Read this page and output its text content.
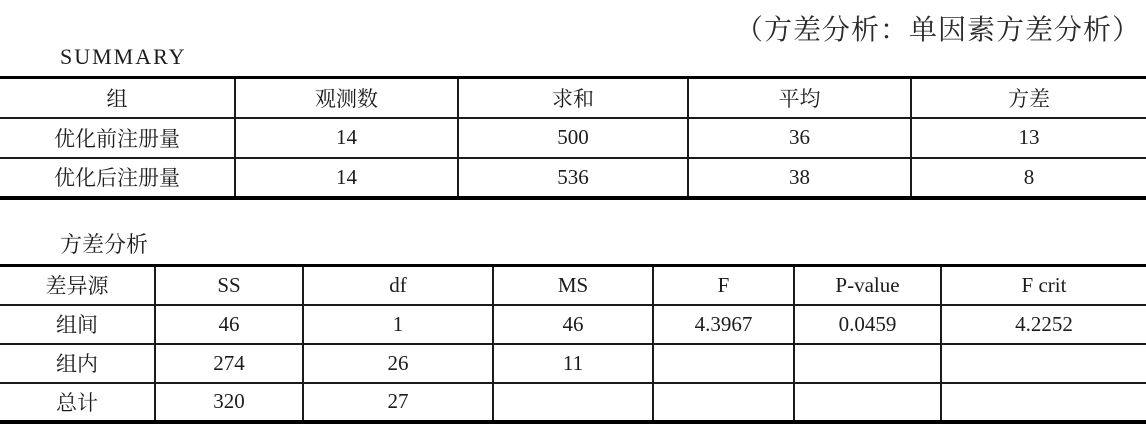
（方差分析：单因素方差分析）
SUMMARY
组	观测数	求和	平均	方差
优化前注册量	14	500	36	13
优化后注册量	14	536	38	8
方差分析
差异源	SS	df	MS	F	P-value	F crit
组间	46	1	46	4.3967	0.0459	4.2252
组内	274	26	11			
总计	320	27				
